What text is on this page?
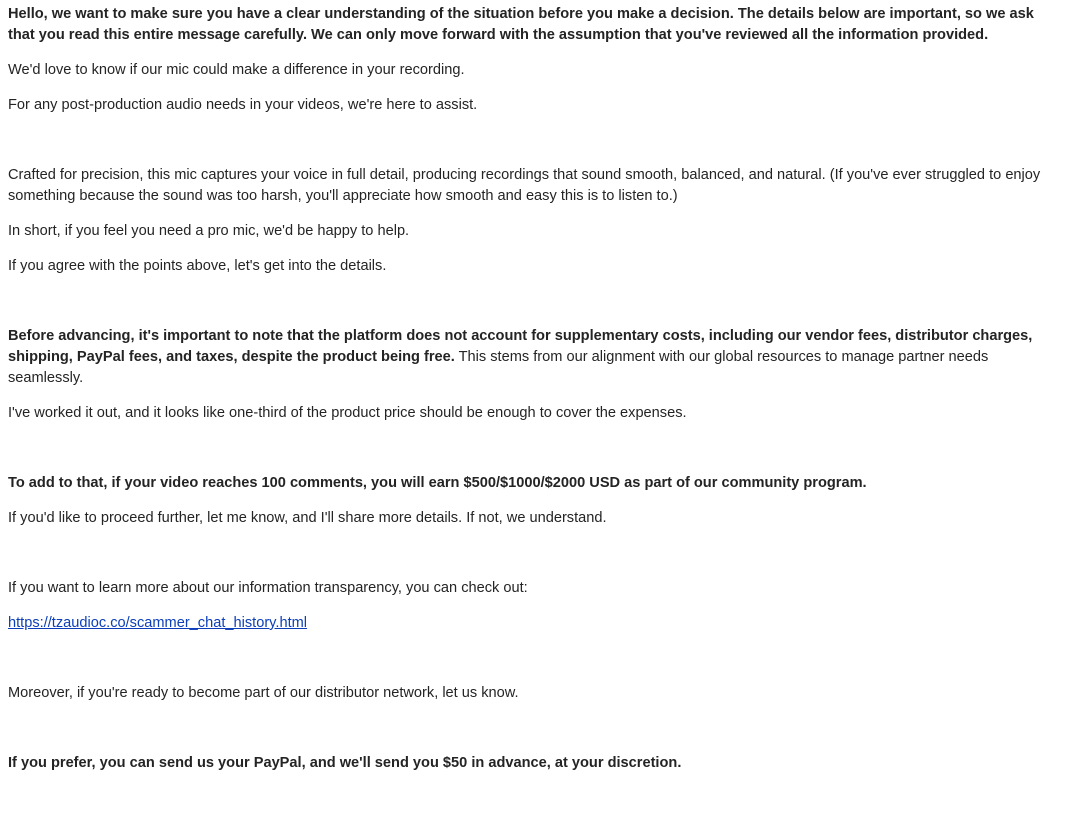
Hello, we want to make sure you have a clear understanding of the situation before you make a decision. The details below are important, so we ask that you read this entire message carefully. We can only move forward with the assumption that you've reviewed all the information provided.

We'd love to know if our mic could make a difference in your recording.

For any post-production audio needs in your videos, we're here to assist.

Crafted for precision, this mic captures your voice in full detail, producing recordings that sound smooth, balanced, and natural. (If you've ever struggled to enjoy something because the sound was too harsh, you'll appreciate how smooth and easy this is to listen to.)

In short, if you feel you need a pro mic, we'd be happy to help.

If you agree with the points above, let's get into the details.

Before advancing, it's important to note that the platform does not account for supplementary costs, including our vendor fees, distributor charges, shipping, PayPal fees, and taxes, despite the product being free. This stems from our alignment with our global resources to manage partner needs seamlessly.

I've worked it out, and it looks like one-third of the product price should be enough to cover the expenses.

To add to that, if your video reaches 100 comments, you will earn $500/$1000/$2000 USD as part of our community program.

If you'd like to proceed further, let me know, and I'll share more details. If not, we understand.

If you want to learn more about our information transparency, you can check out:

https://tzaudioc.co/scammer_chat_history.html

Moreover, if you're ready to become part of our distributor network, let us know.

If you prefer, you can send us your PayPal, and we'll send you $50 in advance, at your discretion.
